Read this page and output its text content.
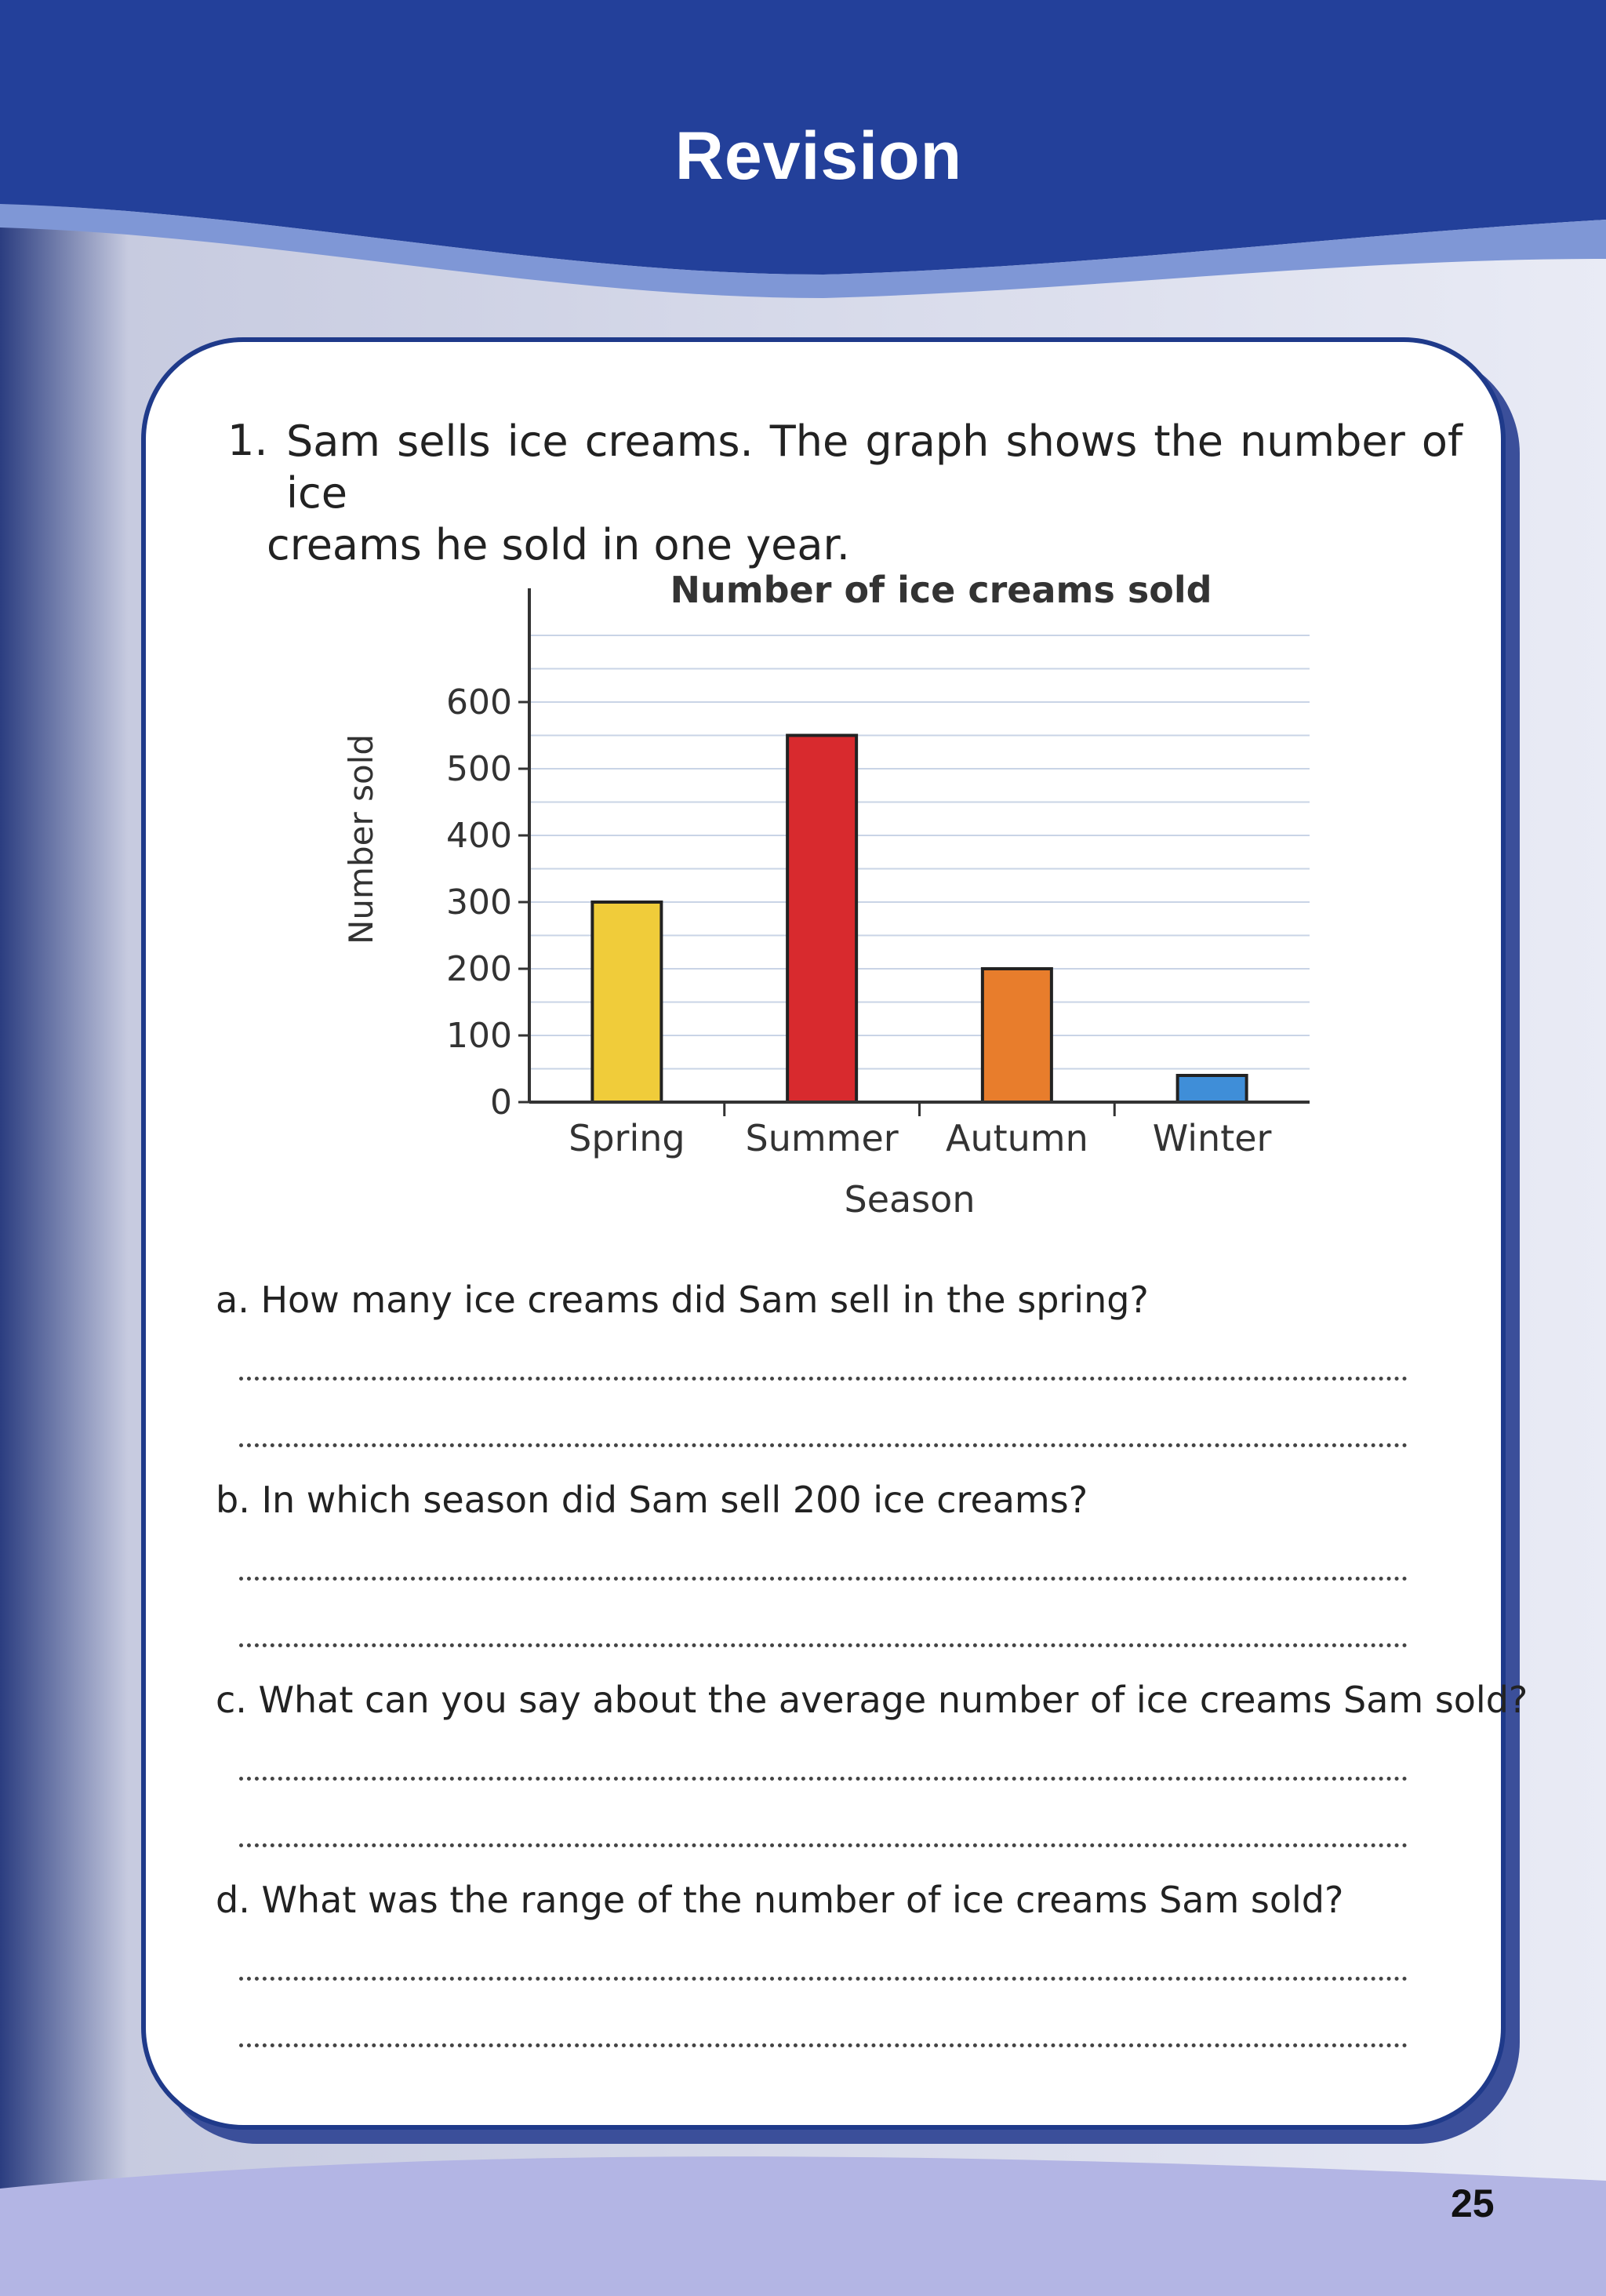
Revision
1. Sam sells ice creams. The graph shows the number of ice
creams he sold in one year.
Number of ice creams sold
Number sold
Season
0
100
200
300
400
500
600
Spring Summer Autumn Winter
a. How many ice creams did Sam sell in the spring?
b. In which season did Sam sell 200 ice creams?
c. What can you say about the average number of ice creams Sam sold?
d. What was the range of the number of ice creams Sam sold?
25
